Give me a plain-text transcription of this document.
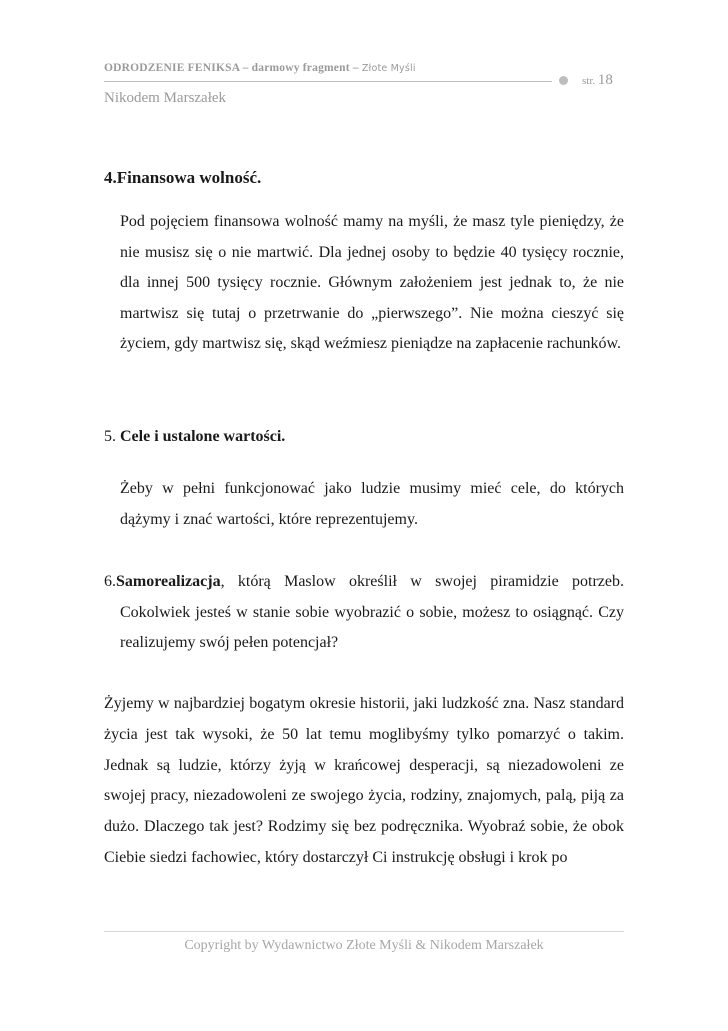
ODRODZENIE FENIKSA – darmowy fragment – Złote Myśli
str. 18
Nikodem Marszałek
4.Finansowa wolność.
Pod pojęciem finansowa wolność mamy na myśli, że masz tyle pieniędzy, że nie musisz się o nie martwić. Dla jednej osoby to będzie 40 tysięcy rocznie, dla innej 500 tysięcy rocznie. Głównym założeniem jest jednak to, że nie martwisz się tutaj o przetrwanie do „pierwszego”. Nie można cieszyć się życiem, gdy martwisz się, skąd weźmiesz pieniądze na zapłacenie rachunków.
5. Cele i ustalone wartości.
Żeby w pełni funkcjonować jako ludzie musimy mieć cele, do których dążymy i znać wartości, które reprezentujemy.
6.Samorealizacja, którą Maslow określił w swojej piramidzie potrzeb. Cokolwiek jesteś w stanie sobie wyobrazić o sobie, możesz to osiągnąć. Czy realizujemy swój pełen potencjał?
Żyjemy w najbardziej bogatym okresie historii, jaki ludzkość zna. Nasz standard życia jest tak wysoki, że 50 lat temu moglibyśmy tylko pomarzyć o takim. Jednak są ludzie, którzy żyją w krańcowej desperacji, są niezadowoleni ze swojej pracy, niezadowoleni ze swojego życia, rodziny, znajomych, palą, piją za dużo. Dlaczego tak jest? Rodzimy się bez podręcznika. Wyobraź sobie, że obok Ciebie siedzi fachowiec, który dostarczył Ci instrukcję obsługi i krok po
Copyright by Wydawnictwo Złote Myśli & Nikodem Marszałek
